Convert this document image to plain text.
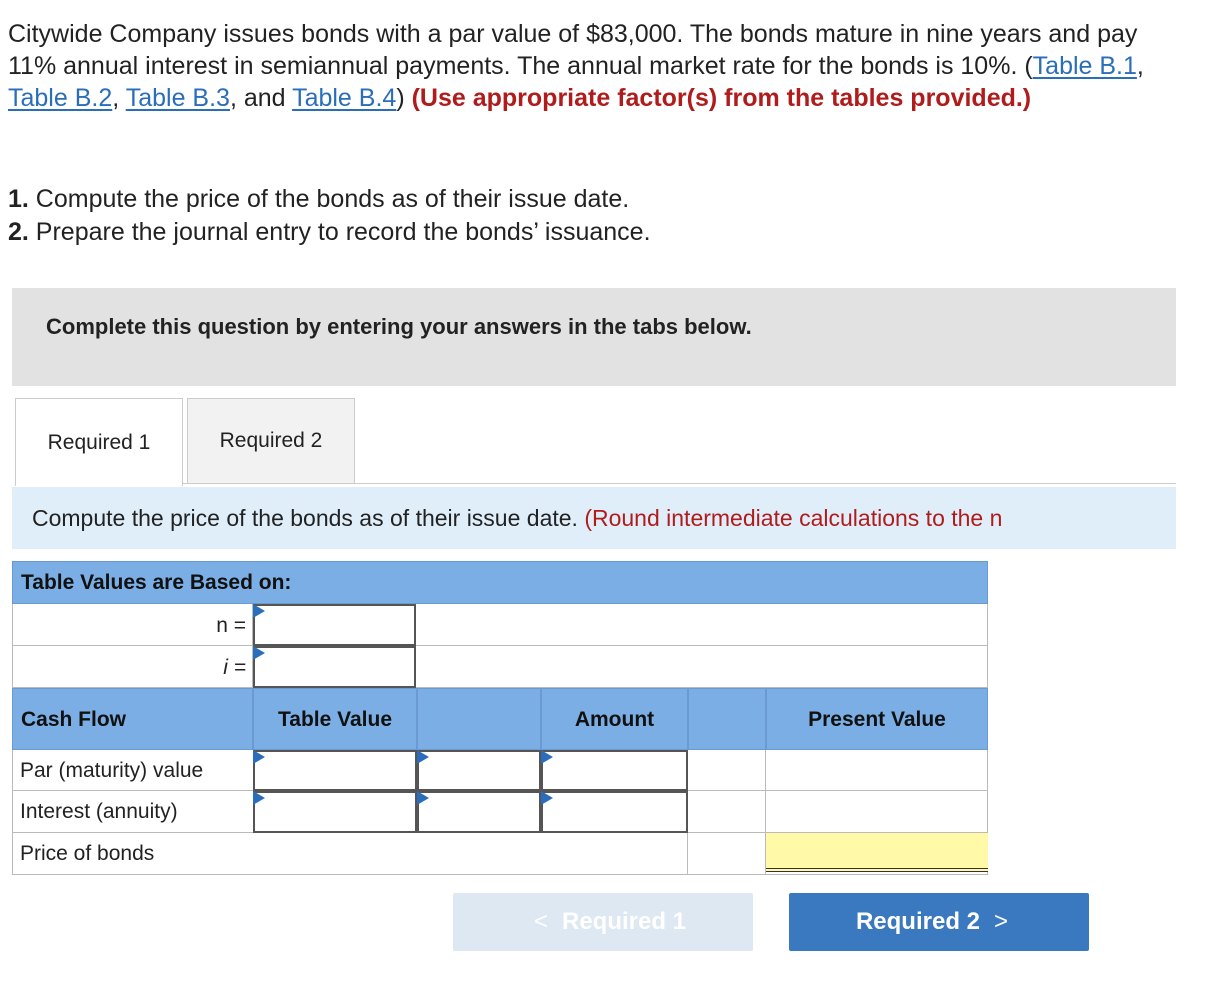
Citywide Company issues bonds with a par value of $83,000. The bonds mature in nine years and pay 11% annual interest in semiannual payments. The annual market rate for the bonds is 10%. (Table B.1, Table B.2, Table B.3, and Table B.4) (Use appropriate factor(s) from the tables provided.)
1. Compute the price of the bonds as of their issue date.
2. Prepare the journal entry to record the bonds’ issuance.
Complete this question by entering your answers in the tabs below.
Required 1	Required 2
Compute the price of the bonds as of their issue date. (Round intermediate calculations to the n
Table Values are Based on:
n =
i =
Cash Flow	Table Value	Amount	Present Value
Par (maturity) value
Interest (annuity)
Price of bonds
< Required 1	Required 2 >
